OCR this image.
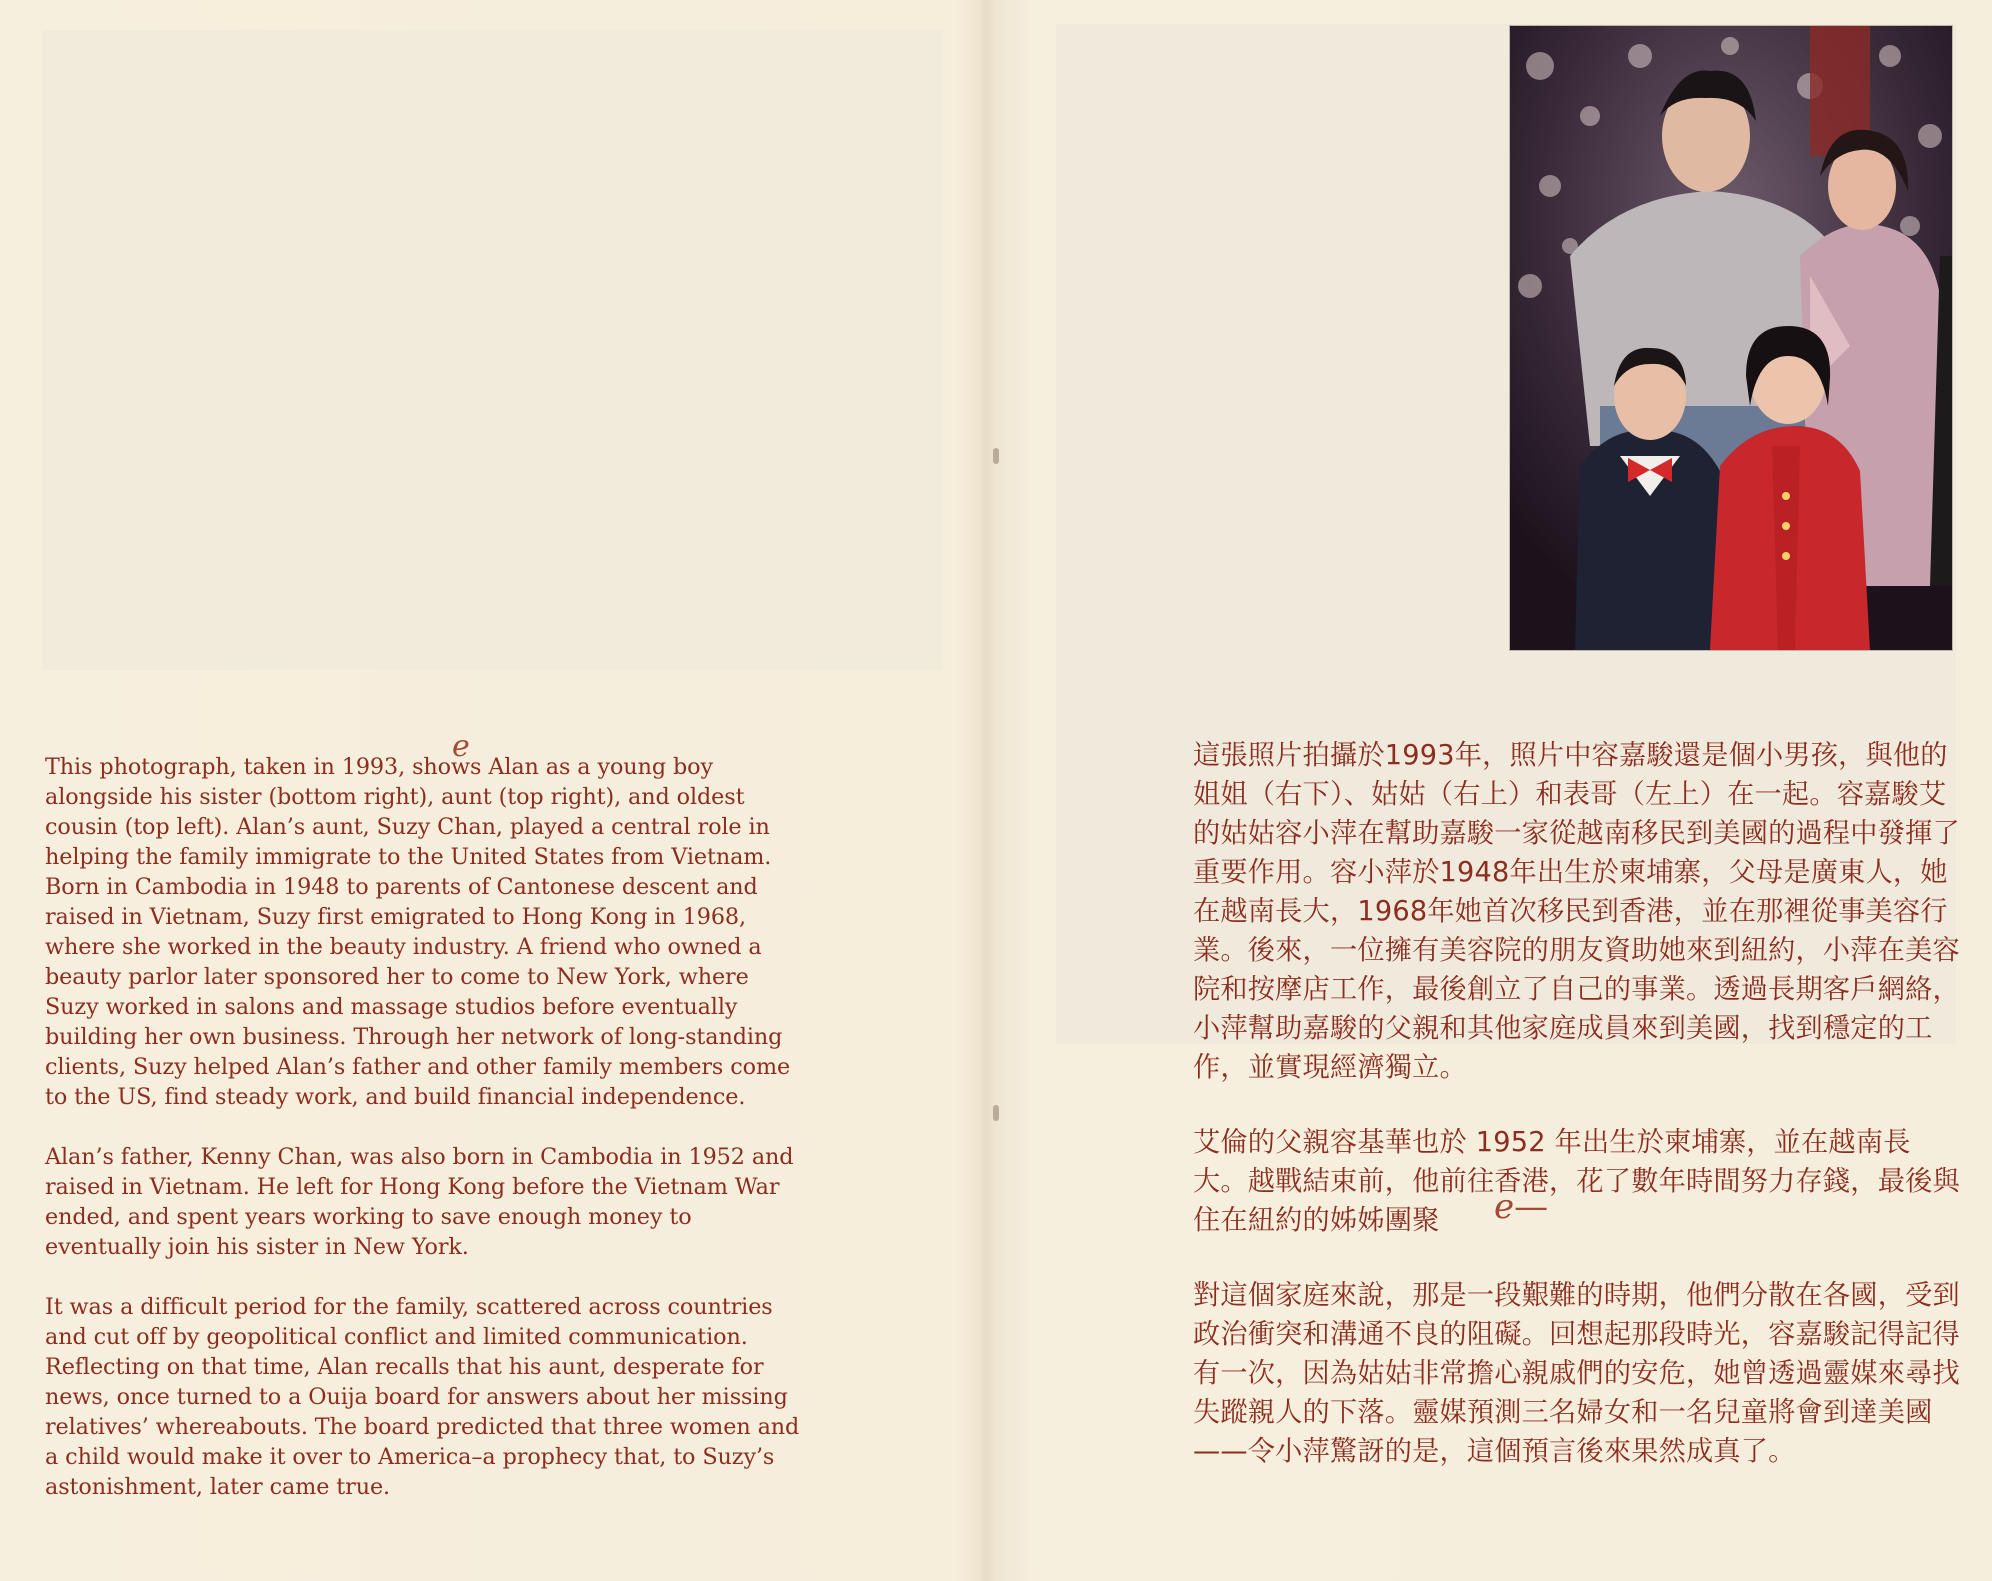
ℯ

This photograph, taken in 1993, shows Alan as a young boy alongside his sister (bottom right), aunt (top right), and oldest cousin (top left). Alan’s aunt, Suzy Chan, played a central role in helping the family immigrate to the United States from Vietnam. Born in Cambodia in 1948 to parents of Cantonese descent and raised in Vietnam, Suzy first emigrated to Hong Kong in 1968, where she worked in the beauty industry. A friend who owned a beauty parlor later sponsored her to come to New York, where Suzy worked in salons and massage studios before eventually building her own business. Through her network of long-standing clients, Suzy helped Alan’s father and other family members come to the US, find steady work, and build financial independence.

Alan’s father, Kenny Chan, was also born in Cambodia in 1952 and raised in Vietnam. He left for Hong Kong before the Vietnam War ended, and spent years working to save enough money to eventually join his sister in New York.

It was a difficult period for the family, scattered across countries and cut off by geopolitical conflict and limited communication. Reflecting on that time, Alan recalls that his aunt, desperate for news, once turned to a Ouija board for answers about her missing relatives’ whereabouts. The board predicted that three women and a child would make it over to America–a prophecy that, to Suzy’s astonishment, later came true.

這張照片拍攝於1993年，照片中容嘉駿還是個小男孩，與他的姐姐（右下）、姑姑（右上）和表哥（左上）在一起。容嘉駿艾的姑姑容小萍在幫助嘉駿一家從越南移民到美國的過程中發揮了重要作用。容小萍於1948年出生於柬埔寨，父母是廣東人，她在越南長大，1968年她首次移民到香港，並在那裡從事美容行業。後來，一位擁有美容院的朋友資助她來到紐約，小萍在美容院和按摩店工作，最後創立了自己的事業。透過長期客戶網絡，小萍幫助嘉駿的父親和其他家庭成員來到美國，找到穩定的工作，並實現經濟獨立。

艾倫的父親容基華也於 1952 年出生於柬埔寨，並在越南長大。越戰結束前，他前往香港，花了數年時間努力存錢，最後與住在紐約的姊姊團聚

對這個家庭來說，那是一段艱難的時期，他們分散在各國，受到政治衝突和溝通不良的阻礙。回想起那段時光，容嘉駿記得記得有一次，因為姑姑非常擔心親戚們的安危，她曾透過靈媒來尋找失蹤親人的下落。靈媒預測三名婦女和一名兒童將會到達美國——令小萍驚訝的是，這個預言後來果然成真了。

ℯ—
